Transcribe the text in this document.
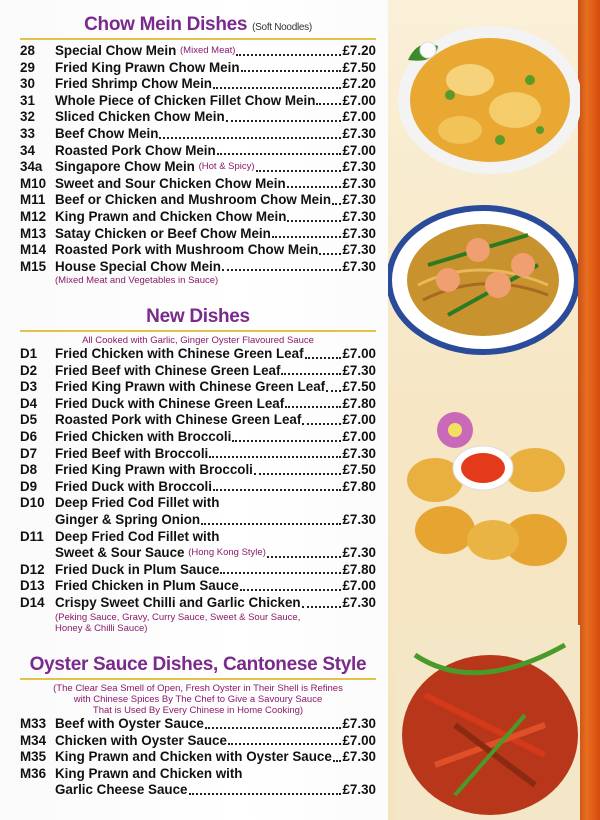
Chow Mein Dishes (Soft Noodles)
28	Special Chow Mein
(Mixed Meat)	£7.20
29	Fried King Prawn Chow Mein	£7.50
30	Fried Shrimp Chow Mein	£7.20
31	Whole Piece of Chicken Fillet Chow Mein £7.00
32	Sliced Chicken Chow Mein	£7.00
33	Beef Chow Mein	£7.30
34	Roasted Pork Chow Mein	£7.00
34a Singapore Chow Mein
(Hot & Spicy)	£7.30
M10 Sweet and Sour Chicken Chow Mein	£7.30
M11 Beef or Chicken and Mushroom Chow Mein £7.30
M12 King Prawn and Chicken Chow Mein	£7.30
M13 Satay Chicken or Beef Chow Mein	£7.30
M14 Roasted Pork with Mushroom Chow Mein £7.30
M15 House Special Chow Mein	£7.30
(Mixed Meat and Vegetables in Sauce)
New Dishes
All Cooked with Garlic, Ginger Oyster Flavoured Sauce
D1	Fried Chicken with Chinese Green Leaf	£7.00
D2	Fried Beef with Chinese Green Leaf	£7.30
D3	Fried King Prawn with Chinese Green Leaf £7.50
D4	Fried Duck with Chinese Green Leaf	£7.80
D5	Roasted Pork with Chinese Green Leaf	£7.00
D6	Fried Chicken with Broccoli	£7.00
D7	Fried Beef with Broccoli	£7.30
D8	Fried King Prawn with Broccoli	£7.50
D9	Fried Duck with Broccoli	£7.80
D10 Deep Fried Cod Fillet with
Ginger & Spring Onion	£7.30
D11 Deep Fried Cod Fillet with
Sweet & Sour Sauce
(Hong Kong Style)	£7.30
D12 Fried Duck in Plum Sauce	£7.80
D13 Fried Chicken in Plum Sauce	£7.00
D14 Crispy Sweet Chilli and Garlic Chicken	£7.30
(Peking Sauce, Gravy, Curry Sauce, Sweet & Sour Sauce,
Honey & Chilli Sauce)
Oyster Sauce Dishes, Cantonese Style
(The Clear Sea Smell of Open, Fresh Oyster in Their Shell is Refines
with Chinese Spices By The Chef to Give a Savoury Sauce
That is Used By Every Chinese in Home Cooking)
M33 Beef with Oyster Sauce	£7.30
M34 Chicken with Oyster Sauce	£7.00
M35 King Prawn and Chicken with Oyster Sauce £7.30
M36 King Prawn and Chicken with
Garlic Cheese Sauce	£7.30
